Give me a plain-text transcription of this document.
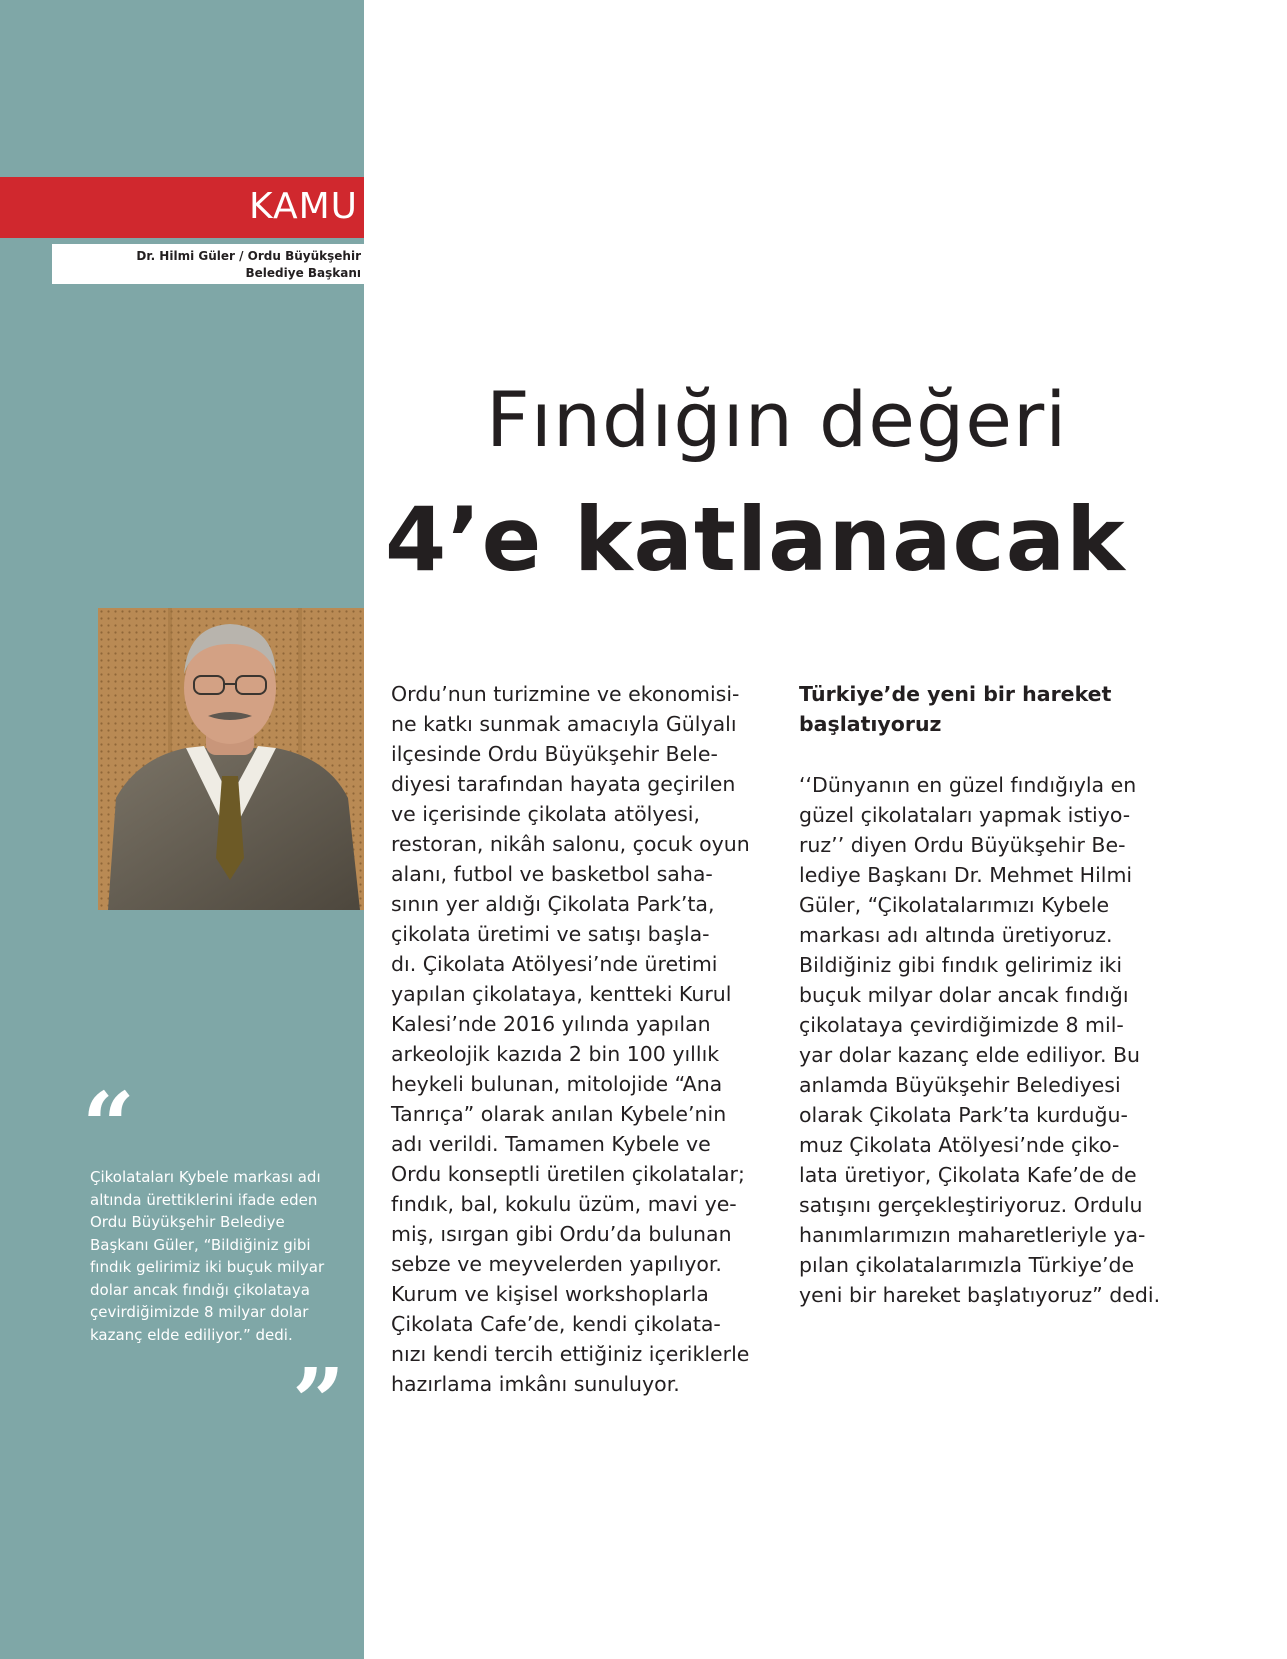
KAMU
Dr. Hilmi Güler / Ordu Büyükşehir
Belediye Başkanı
“

Çikolataları Kybele markası adı altında ürettiklerini ifade eden Ordu Büyükşehir Belediye Başkanı Güler, “Bildiğiniz gibi fındık gelirimiz iki buçuk milyar dolar ancak fındığı çikolataya çevirdiğimizde 8 milyar dolar kazanç elde ediliyor.” dedi.

”
Fındığın değeri
4’e katlanacak

Ordu’nun turizmine ve ekonomisi-
ne katkı sunmak amacıyla Gülyalı
ilçesinde Ordu Büyükşehir Bele-
diyesi tarafından hayata geçirilen
ve içerisinde çikolata atölyesi,
restoran, nikâh salonu, çocuk oyun
alanı, futbol ve basketbol saha-
sının yer aldığı Çikolata Park’ta,
çikolata üretimi ve satışı başla-
dı. Çikolata Atölyesi’nde üretimi
yapılan çikolataya, kentteki Kurul
Kalesi’nde 2016 yılında yapılan
arkeolojik kazıda 2 bin 100 yıllık
heykeli bulunan, mitolojide “Ana
Tanrıça” olarak anılan Kybele’nin
adı verildi. Tamamen Kybele ve
Ordu konseptli üretilen çikolatalar;
fındık, bal, kokulu üzüm, mavi ye-
miş, ısırgan gibi Ordu’da bulunan
sebze ve meyvelerden yapılıyor.
Kurum ve kişisel workshoplarla
Çikolata Cafe’de, kendi çikolata-
nızı kendi tercih ettiğiniz içeriklerle
hazırlama imkânı sunuluyor.

Türkiye’de yeni bir hareket
başlatıyoruz

‘‘Dünyanın en güzel fındığıyla en
güzel çikolataları yapmak istiyo-
ruz’’ diyen Ordu Büyükşehir Be-
lediye Başkanı Dr. Mehmet Hilmi
Güler, “Çikolatalarımızı Kybele
markası adı altında üretiyoruz.
Bildiğiniz gibi fındık gelirimiz iki
buçuk milyar dolar ancak fındığı
çikolataya çevirdiğimizde 8 mil-
yar dolar kazanç elde ediliyor. Bu
anlamda Büyükşehir Belediyesi
olarak Çikolata Park’ta kurduğu-
muz Çikolata Atölyesi’nde çiko-
lata üretiyor, Çikolata Kafe’de de
satışını gerçekleştiriyoruz. Ordulu
hanımlarımızın maharetleriyle ya-
pılan çikolatalarımızla Türkiye’de
yeni bir hareket başlatıyoruz” dedi.
